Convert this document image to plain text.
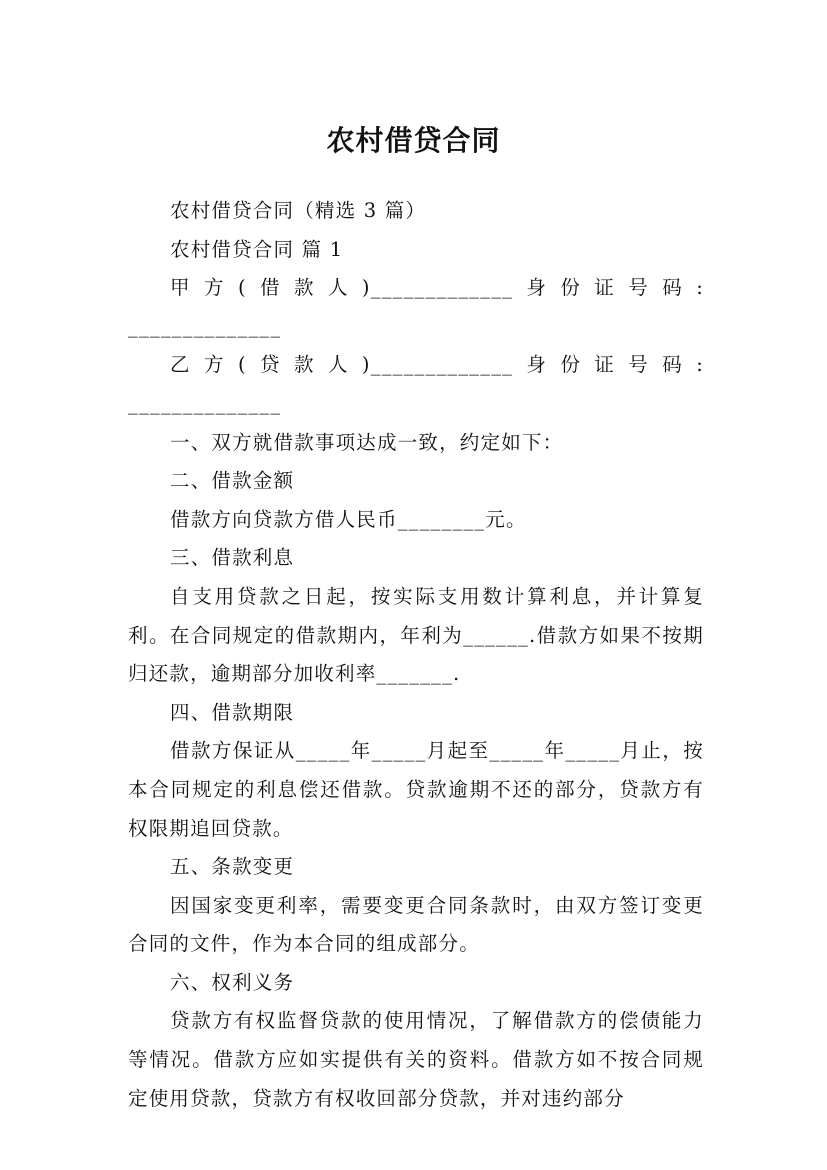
农村借贷合同

农村借贷合同（精选 3 篇）

农村借贷合同 篇 1

甲方(借款人)_____________身份证号码: ______________

乙方(贷款人)_____________身份证号码: ______________

一、双方就借款事项达成一致，约定如下：

二、借款金额

借款方向贷款方借人民币________元。

三、借款利息

自支用贷款之日起，按实际支用数计算利息，并计算复利。在合同规定的借款期内，年利为______.借款方如果不按期归还款，逾期部分加收利率_______.

四、借款期限

借款方保证从_____年_____月起至_____年_____月止，按本合同规定的利息偿还借款。贷款逾期不还的部分，贷款方有权限期追回贷款。

五、条款变更

因国家变更利率，需要变更合同条款时，由双方签订变更合同的文件，作为本合同的组成部分。

六、权利义务

贷款方有权监督贷款的使用情况，了解借款方的偿债能力等情况。借款方应如实提供有关的资料。借款方如不按合同规定使用贷款，贷款方有权收回部分贷款，并对违约部分
